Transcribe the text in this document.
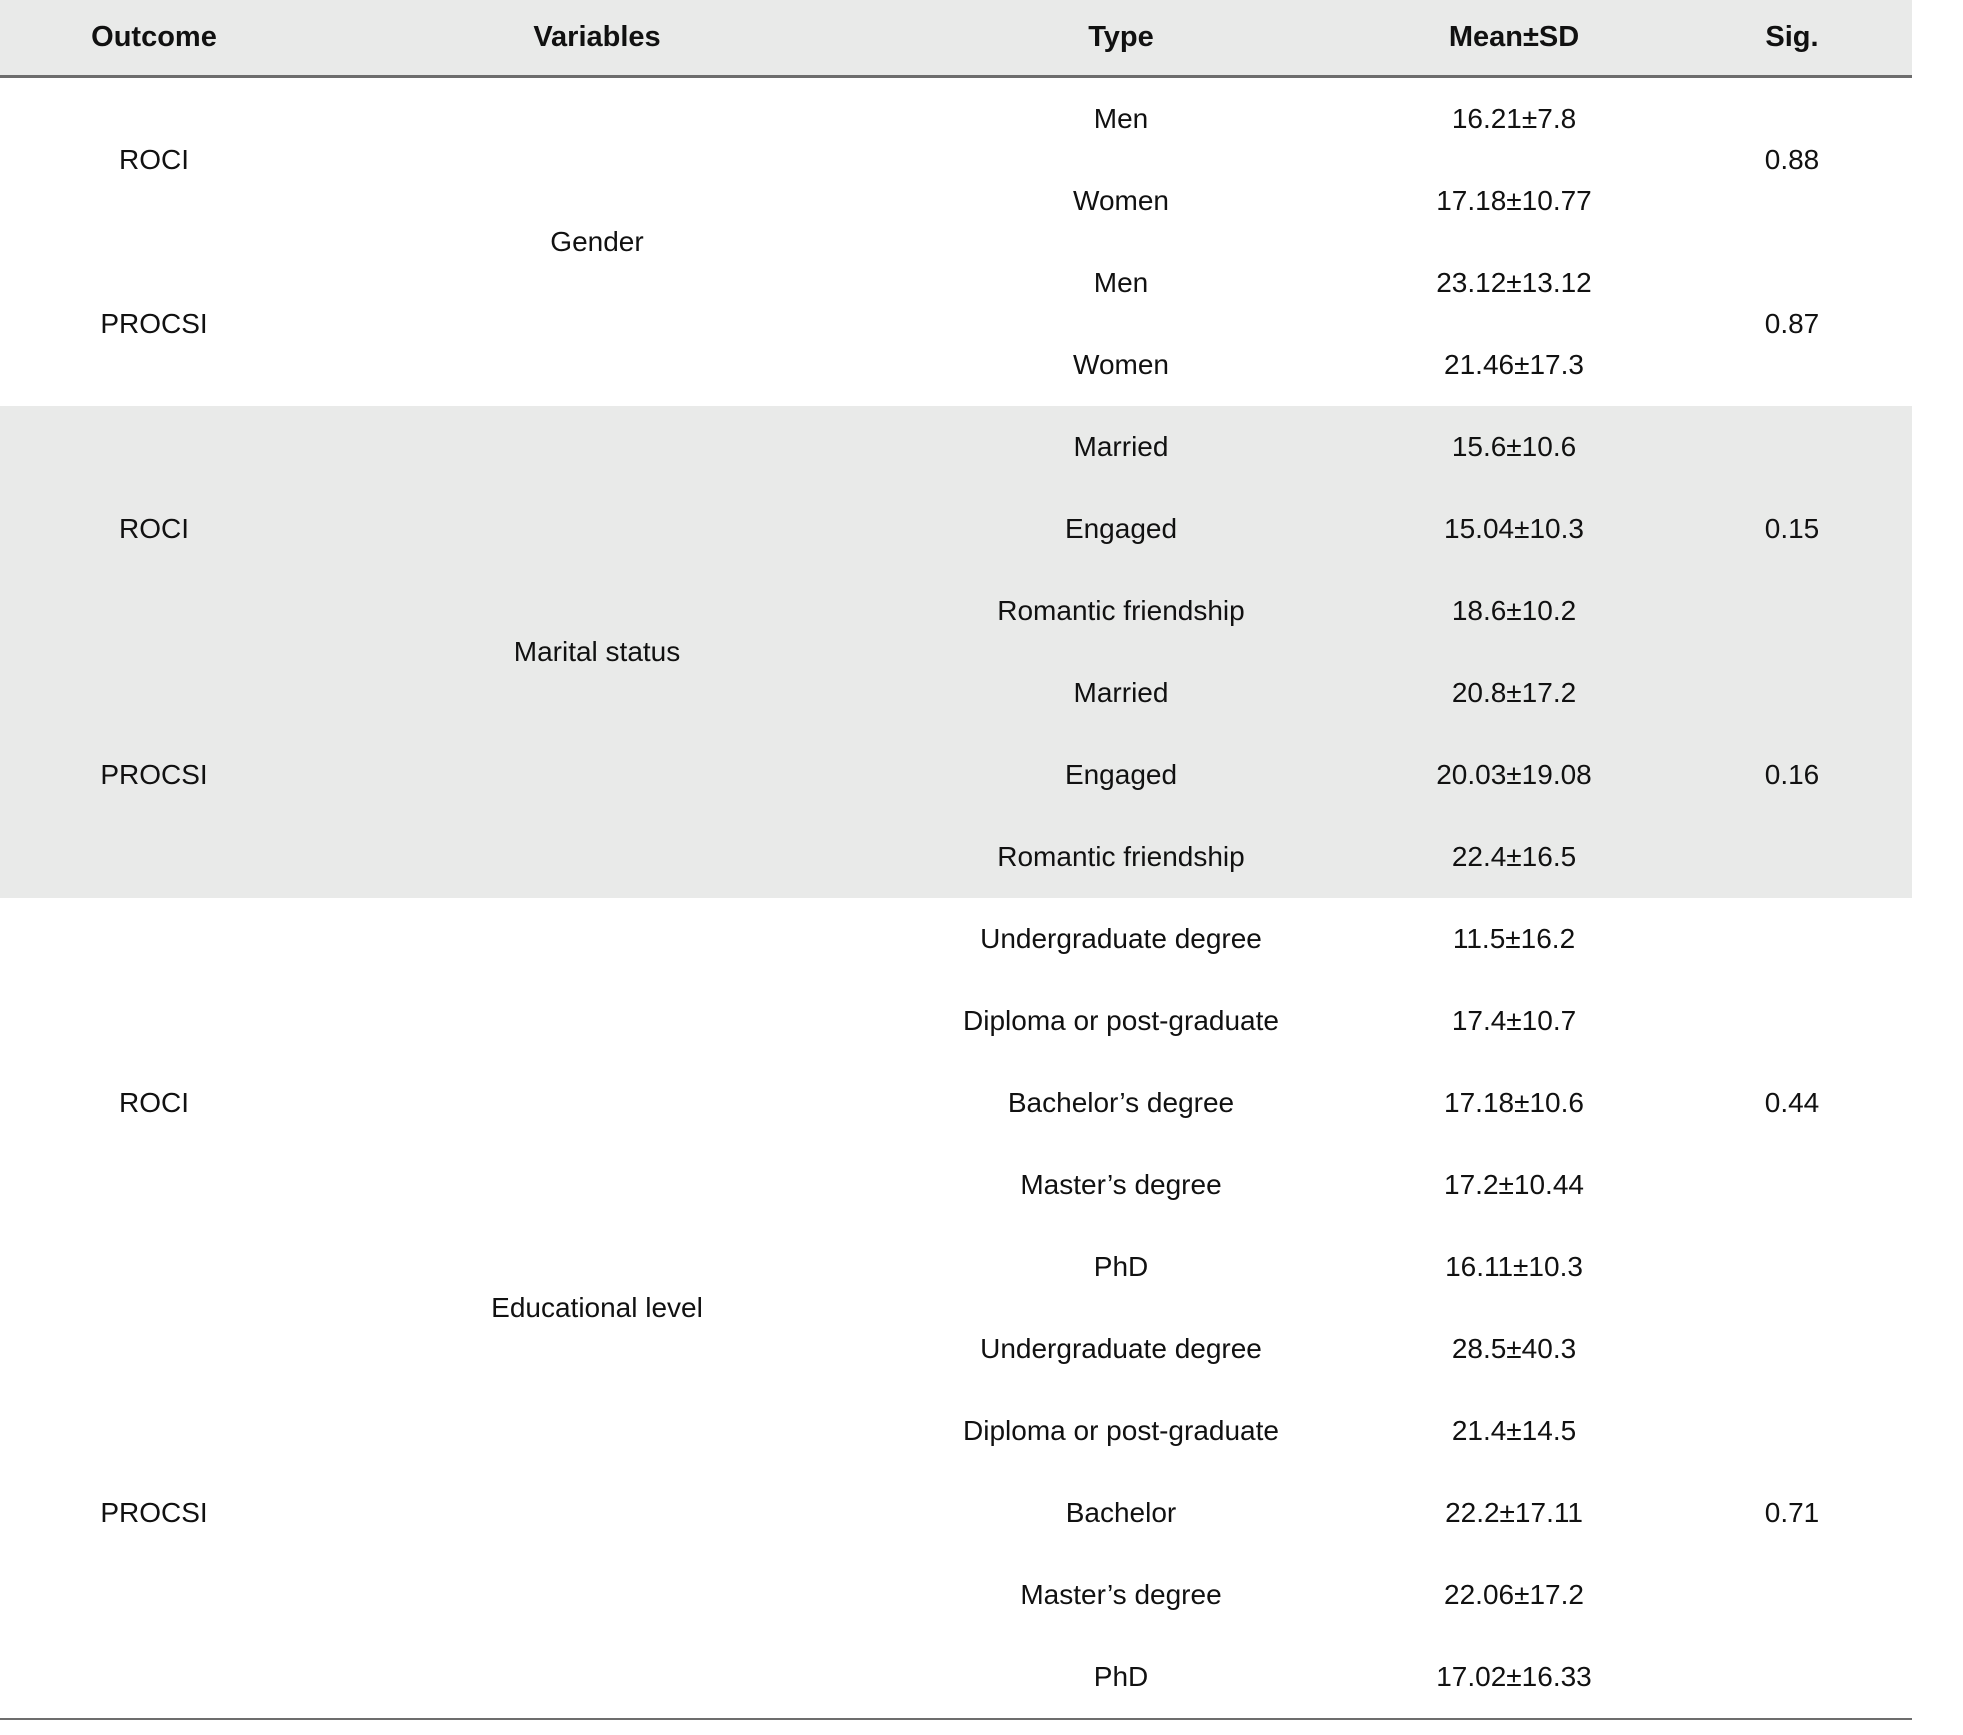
Outcome	Variables	Type	Mean±SD	Sig.
ROCI	Gender	Men	16.21±7.8	0.88
		Women	17.18±10.77	
PROCSI		Men	23.12±13.12	0.87
		Women	21.46±17.3	
ROCI	Marital status	Married	15.6±10.6	0.15
		Engaged	15.04±10.3	
		Romantic friendship	18.6±10.2	
PROCSI		Married	20.8±17.2	0.16
		Engaged	20.03±19.08	
		Romantic friendship	22.4±16.5	
ROCI	Educational level	Undergraduate degree	11.5±16.2	0.44
		Diploma or post-graduate	17.4±10.7	
		Bachelor’s degree	17.18±10.6	
		Master’s degree	17.2±10.44	
		PhD	16.11±10.3	
PROCSI		Undergraduate degree	28.5±40.3	0.71
		Diploma or post-graduate	21.4±14.5	
		Bachelor	22.2±17.11	
		Master’s degree	22.06±17.2	
		PhD	17.02±16.33	
